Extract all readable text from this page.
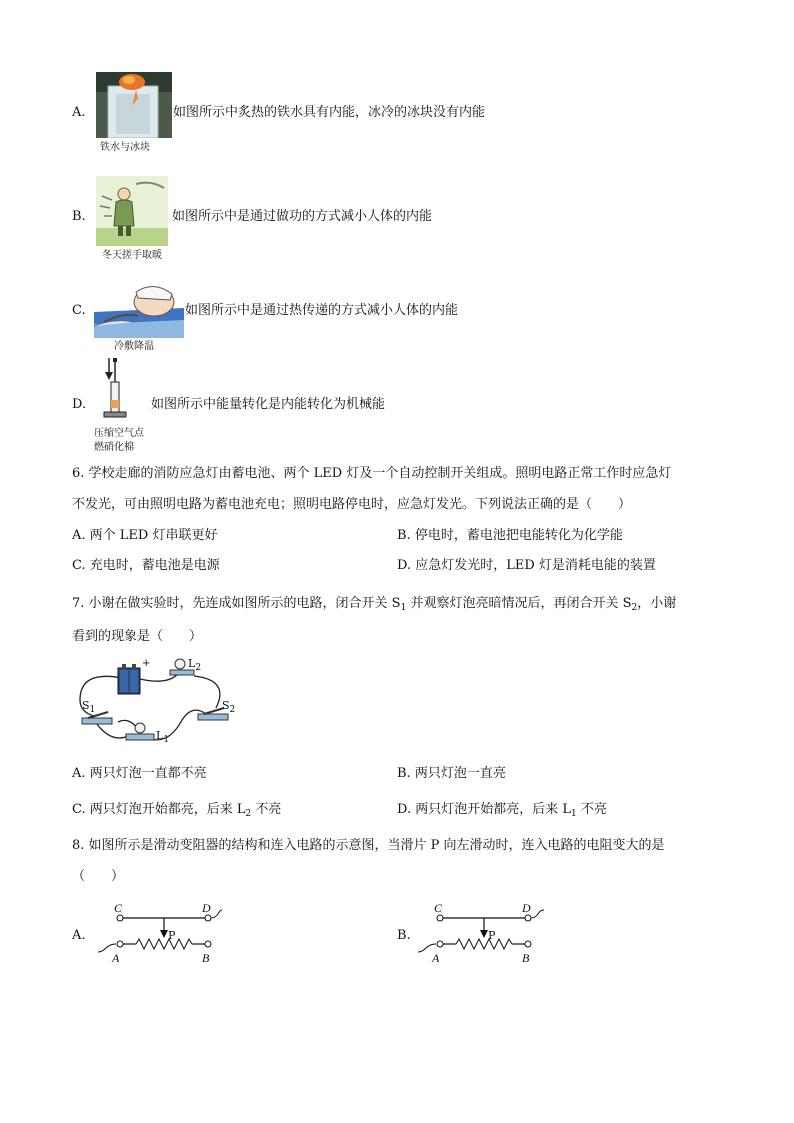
A.
铁水与冰块
如图所示中炙热的铁水具有内能，冰冷的冰块没有内能
B.
冬天搓手取暖
如图所示中是通过做功的方式减小人体的内能
C.
冷敷降温
如图所示中是通过热传递的方式减小人体的内能
D.
压缩空气点
燃硝化棉
如图所示中能量转化是内能转化为机械能
6. 学校走廊的消防应急灯由蓄电池、两个 LED 灯及一个自动控制开关组成。照明电路正常工作时应急灯
不发光，可由照明电路为蓄电池充电；照明电路停电时，应急灯发光。下列说法正确的是（　　）
A. 两个 LED 灯串联更好	B. 停电时，蓄电池把电能转化为化学能
C. 充电时，蓄电池是电源	D. 应急灯发光时，LED 灯是消耗电能的装置
7. 小谢在做实验时，先连成如图所示的电路，闭合开关 $S_1$ 并观察灯泡亮暗情况后，再闭合开关 $S_2$，小谢
看到的现象是（　　）
+	$L_2$
$S_1$	$S_2$
$L_1$
A. 两只灯泡一直都不亮	B. 两只灯泡一直亮
C. 两只灯泡开始都亮，后来 $L_2$ 不亮	D. 两只灯泡开始都亮，后来 $L_1$ 不亮
8. 如图所示是滑动变阻器的结构和连入电路的示意图，当滑片 P 向左滑动时，连入电路的电阻变大的是
（　　）
A.
C	D
P
A	B
B.
C	D
P
A	B
